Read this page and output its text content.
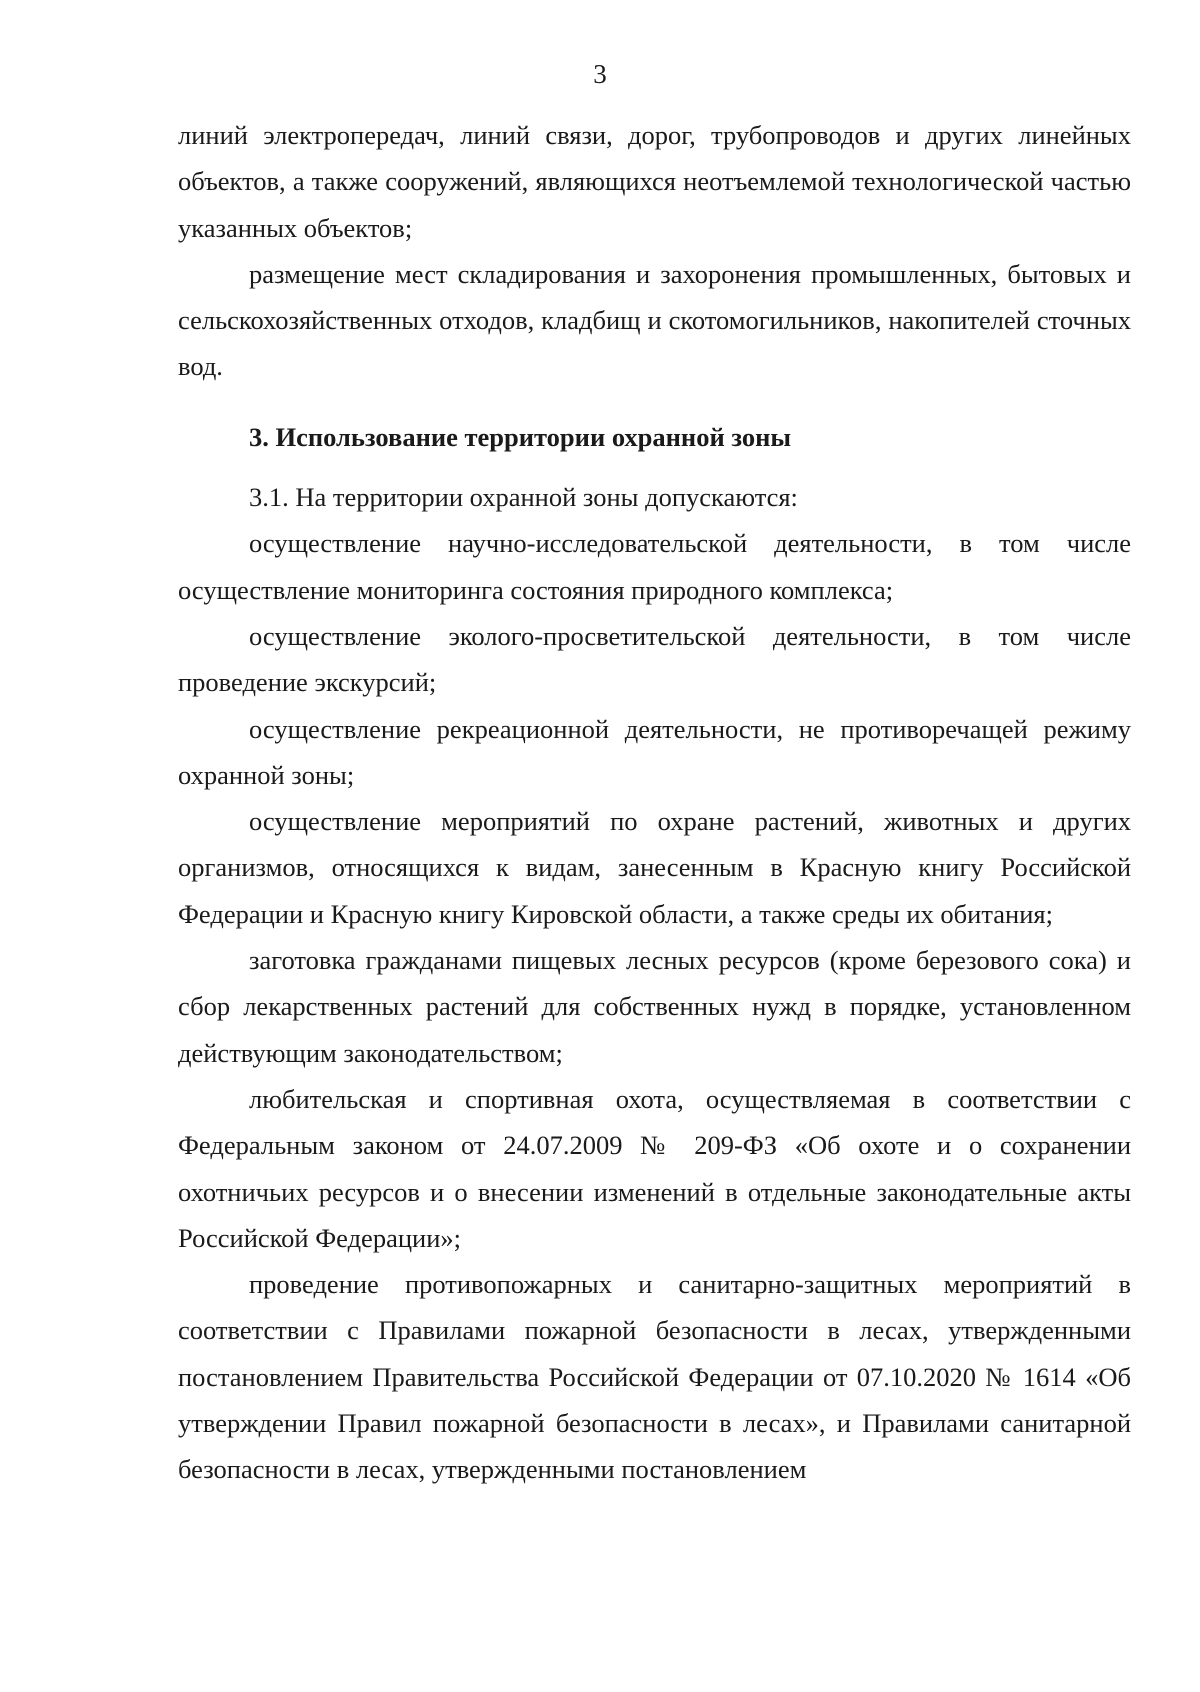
3

линий электропередач, линий связи, дорог, трубопроводов и других линейных объектов, а также сооружений, являющихся неотъемлемой технологической частью указанных объектов;

размещение мест складирования и захоронения промышленных, бытовых и сельскохозяйственных отходов, кладбищ и скотомогильников, накопителей сточных вод.

3. Использование территории охранной зоны

3.1. На территории охранной зоны допускаются:

осуществление научно-исследовательской деятельности, в том числе осуществление мониторинга состояния природного комплекса;

осуществление эколого-просветительской деятельности, в том числе проведение экскурсий;

осуществление рекреационной деятельности, не противоречащей режиму охранной зоны;

осуществление мероприятий по охране растений, животных и других организмов, относящихся к видам, занесенным в Красную книгу Российской Федерации и Красную книгу Кировской области, а также среды их обитания;

заготовка гражданами пищевых лесных ресурсов (кроме березового сока) и сбор лекарственных растений для собственных нужд в порядке, установленном действующим законодательством;

любительская и спортивная охота, осуществляемая в соответствии с Федеральным законом от 24.07.2009 № 209-ФЗ «Об охоте и о сохранении охотничьих ресурсов и о внесении изменений в отдельные законодательные акты Российской Федерации»;

проведение противопожарных и санитарно-защитных мероприятий в соответствии с Правилами пожарной безопасности в лесах, утвержденными постановлением Правительства Российской Федерации от 07.10.2020 № 1614 «Об утверждении Правил пожарной безопасности в лесах», и Правилами санитарной безопасности в лесах, утвержденными постановлением
